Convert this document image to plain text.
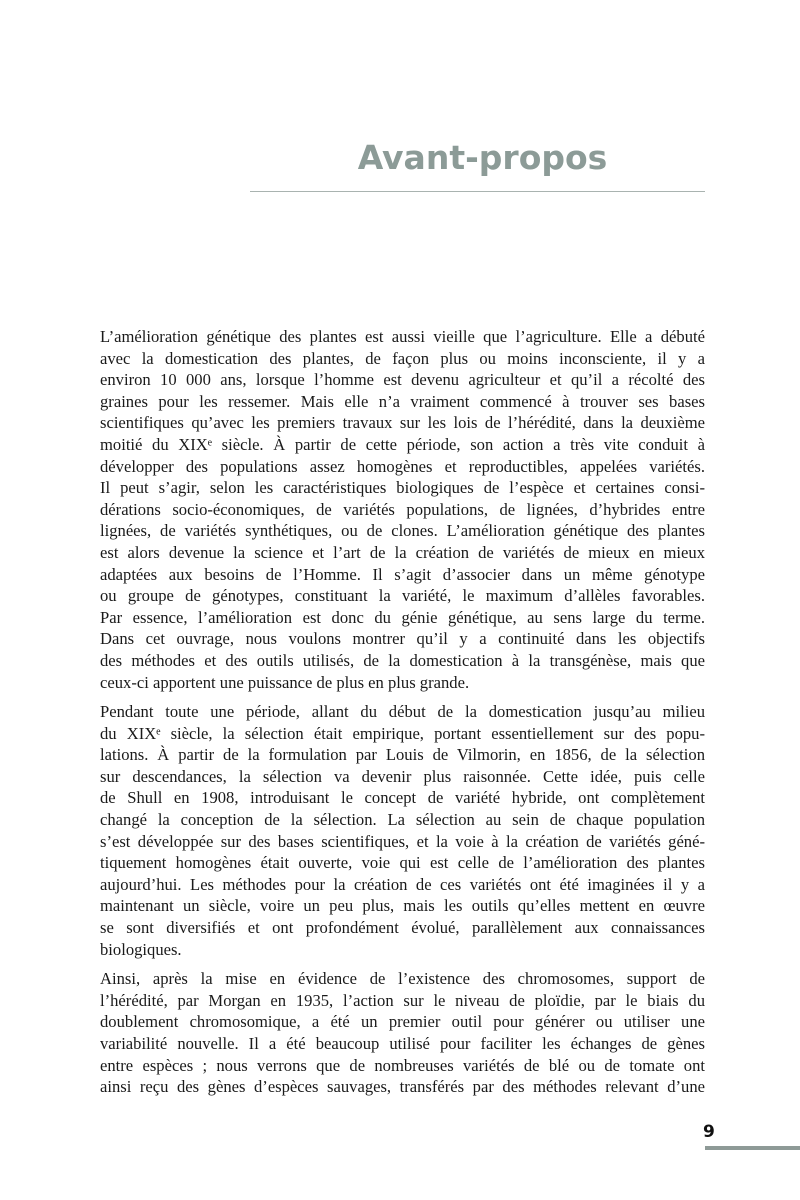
Avant-propos
L’amélioration génétique des plantes est aussi vieille que l’agriculture. Elle a débuté
avec la domestication des plantes, de façon plus ou moins inconsciente, il y a
environ 10 000 ans, lorsque l’homme est devenu agriculteur et qu’il a récolté des
graines pour les ressemer. Mais elle n’a vraiment commencé à trouver ses bases
scientifiques qu’avec les premiers travaux sur les lois de l’hérédité, dans la deuxième
moitié du XIXᵉ siècle. À partir de cette période, son action a très vite conduit à
développer des populations assez homogènes et reproductibles, appelées variétés.
Il peut s’agir, selon les caractéristiques biologiques de l’espèce et certaines consi-
dérations socio-économiques, de variétés populations, de lignées, d’hybrides entre
lignées, de variétés synthétiques, ou de clones. L’amélioration génétique des plantes
est alors devenue la science et l’art de la création de variétés de mieux en mieux
adaptées aux besoins de l’Homme. Il s’agit d’associer dans un même génotype
ou groupe de génotypes, constituant la variété, le maximum d’allèles favorables.
Par essence, l’amélioration est donc du génie génétique, au sens large du terme.
Dans cet ouvrage, nous voulons montrer qu’il y a continuité dans les objectifs
des méthodes et des outils utilisés, de la domestication à la transgénèse, mais que
ceux-ci apportent une puissance de plus en plus grande.
Pendant toute une période, allant du début de la domestication jusqu’au milieu
du XIXᵉ siècle, la sélection était empirique, portant essentiellement sur des popu-
lations. À partir de la formulation par Louis de Vilmorin, en 1856, de la sélection
sur descendances, la sélection va devenir plus raisonnée. Cette idée, puis celle
de Shull en 1908, introduisant le concept de variété hybride, ont complètement
changé la conception de la sélection. La sélection au sein de chaque population
s’est développée sur des bases scientifiques, et la voie à la création de variétés géné-
tiquement homogènes était ouverte, voie qui est celle de l’amélioration des plantes
aujourd’hui. Les méthodes pour la création de ces variétés ont été imaginées il y a
maintenant un siècle, voire un peu plus, mais les outils qu’elles mettent en œuvre
se sont diversifiés et ont profondément évolué, parallèlement aux connaissances
biologiques.
Ainsi, après la mise en évidence de l’existence des chromosomes, support de
l’hérédité, par Morgan en 1935, l’action sur le niveau de ploïdie, par le biais du
doublement chromosomique, a été un premier outil pour générer ou utiliser une
variabilité nouvelle. Il a été beaucoup utilisé pour faciliter les échanges de gènes
entre espèces ; nous verrons que de nombreuses variétés de blé ou de tomate ont
ainsi reçu des gènes d’espèces sauvages, transférés par des méthodes relevant d’une
9
